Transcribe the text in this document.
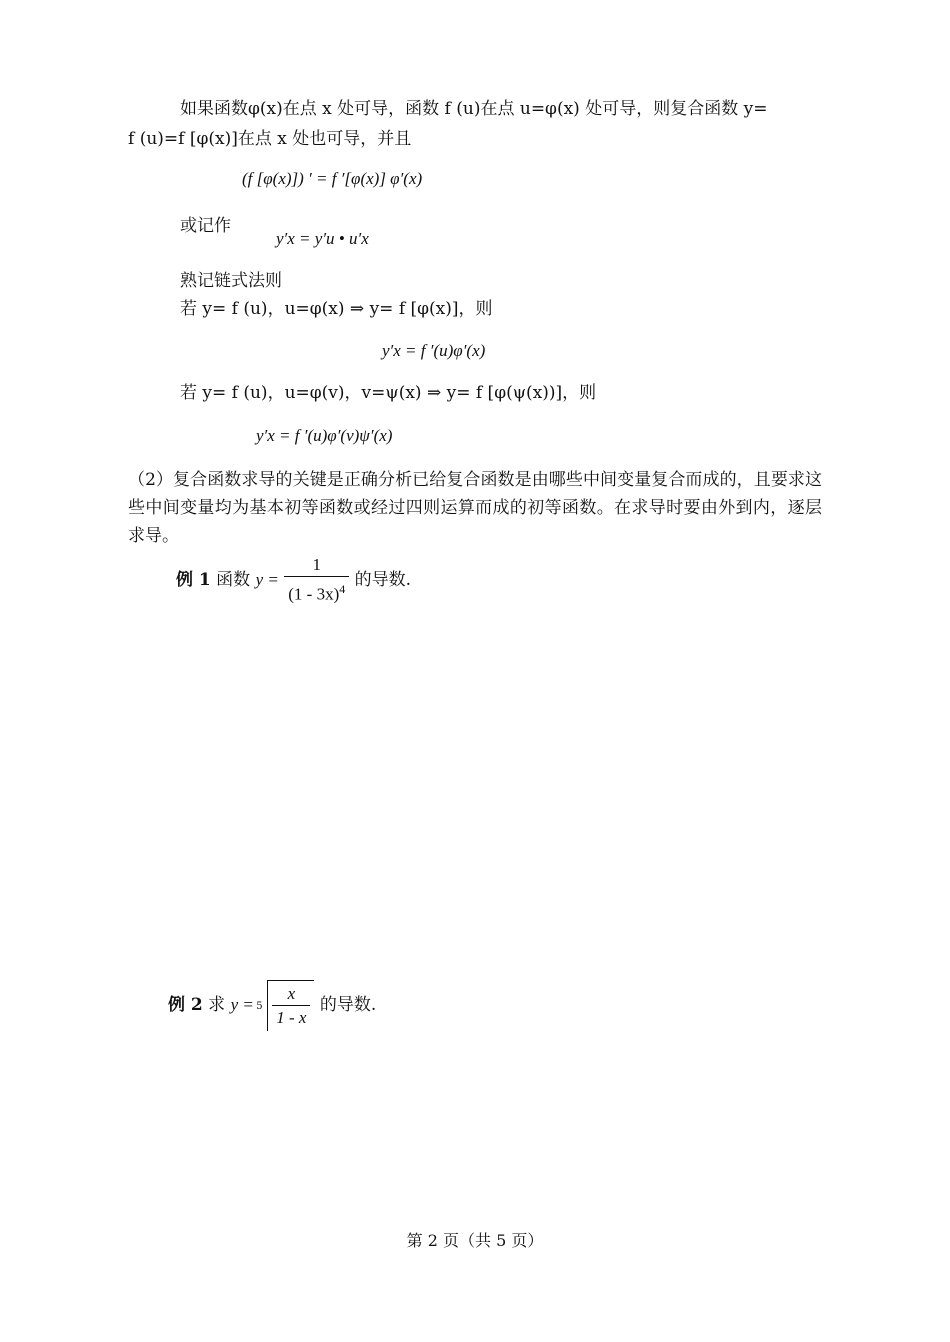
如果函数φ(x)在点 x 处可导，函数 f (u)在点 u=φ(x) 处可导，则复合函数 y=
f (u)=f [φ(x)]在点 x 处也可导，并且
(f [φ(x)]) ′ = f ′[φ(x)] φ′(x)
或记作
y′x = y′u • u′x
熟记链式法则
若 y= f (u)，u=φ(x) ⇒ y= f [φ(x)]，则
y′x = f ′(u)φ′(x)
若 y= f (u)，u=φ(v)，v=ψ(x) ⇒ y= f [φ(ψ(x))]，则
y′x = f ′(u)φ′(v)ψ′(x)
（2）复合函数求导的关键是正确分析已给复合函数是由哪些中间变量复合而成的，且要求这些中间变量均为基本初等函数或经过四则运算而成的初等函数。在求导时要由外到内，逐层求导。
例 1 函数 $y = \frac{1}{(1 - 3x)^4}$ 的导数.
例 2 求 $y = 5 \frac{x}{1 - x}$ 的导数.
第 2 页（共 5 页）
